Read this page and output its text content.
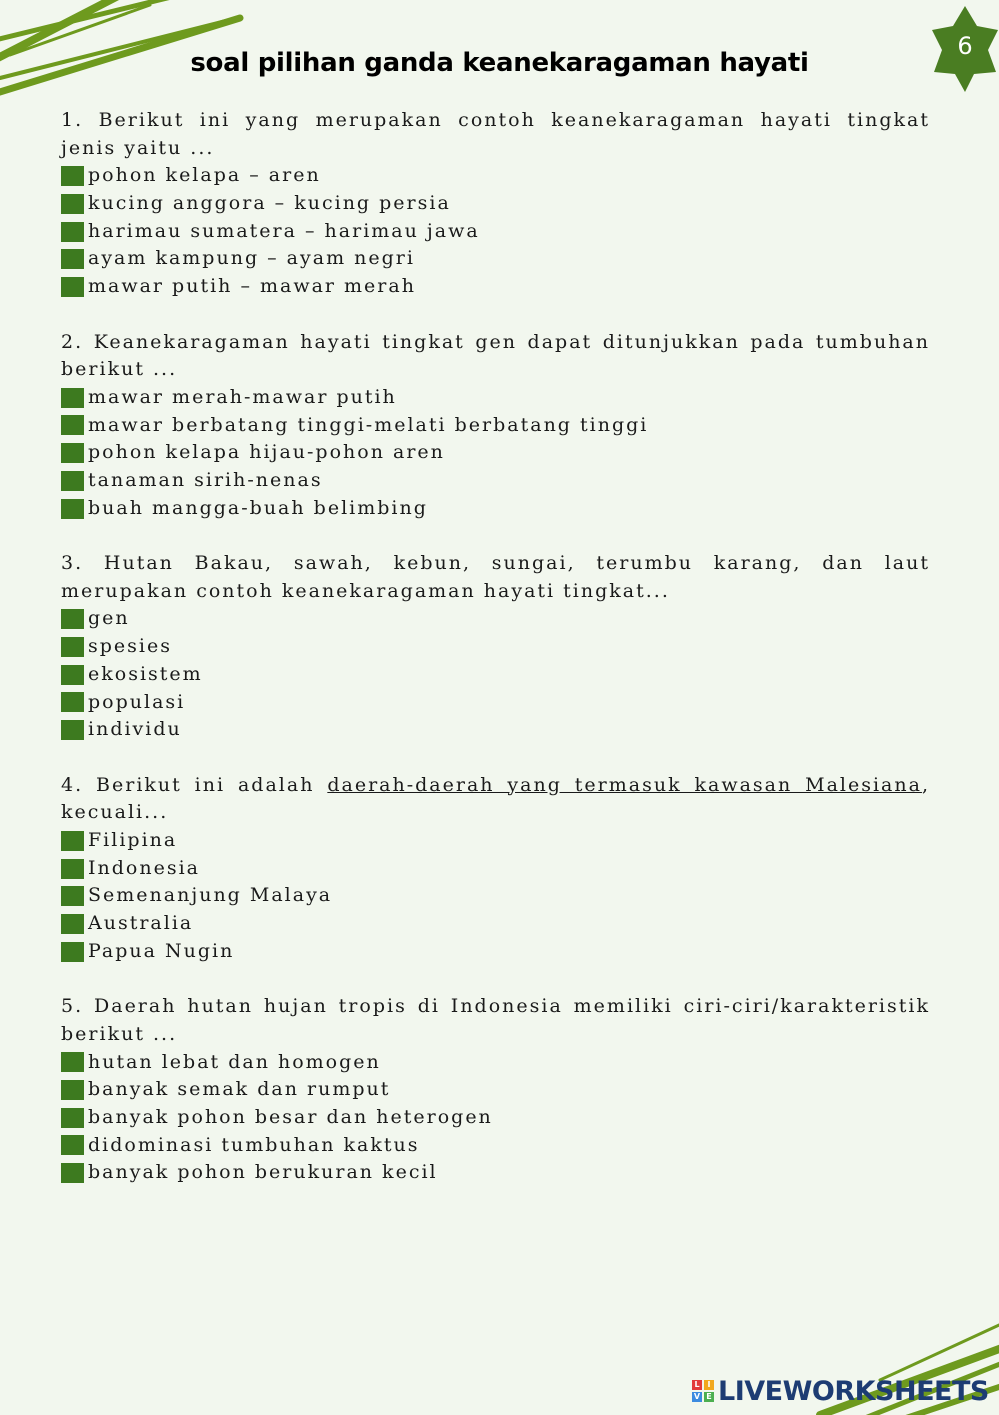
6
soal pilihan ganda keanekaragaman hayati

1. Berikut ini yang merupakan contoh keanekaragaman hayati tingkat jenis yaitu ...

pohon kelapa – aren
kucing anggora – kucing persia
harimau sumatera – harimau jawa
ayam kampung – ayam negri
mawar putih – mawar merah

2. Keanekaragaman hayati tingkat gen dapat ditunjukkan pada tumbuhan berikut ...

mawar merah-mawar putih
mawar berbatang tinggi-melati berbatang tinggi
pohon kelapa hijau-pohon aren
tanaman sirih-nenas
buah mangga-buah belimbing

3. Hutan Bakau, sawah, kebun, sungai, terumbu karang, dan laut merupakan contoh keanekaragaman hayati tingkat...

gen
spesies
ekosistem
populasi
individu

4. Berikut ini adalah daerah-daerah yang termasuk kawasan Malesiana, kecuali...

Filipina
Indonesia
Semenanjung Malaya
Australia
Papua Nugin

5. Daerah hutan hujan tropis di Indonesia memiliki ciri-ciri/karakteristik berikut ...

hutan lebat dan homogen
banyak semak dan rumput
banyak pohon besar dan heterogen
didominasi tumbuhan kaktus
banyak pohon berukuran kecil
L I
V E LIVEWORKSHEETS
